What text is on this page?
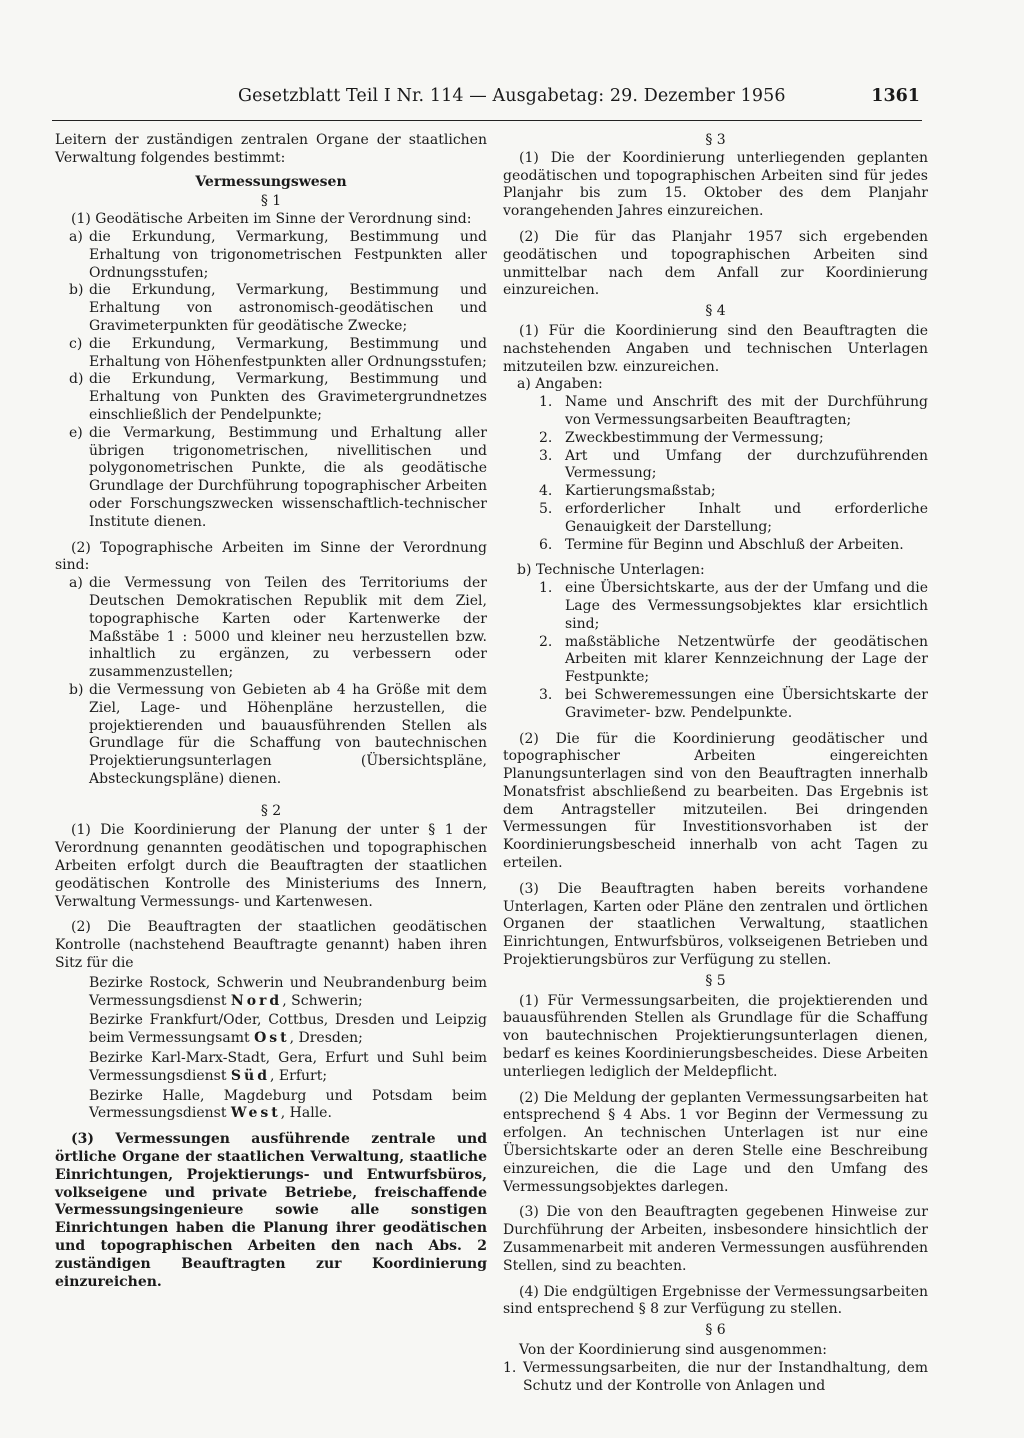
Gesetzblatt Teil I Nr. 114 — Ausgabetag: 29. Dezember 1956	1361

Leitern der zuständigen zentralen Organe der staatlichen Verwaltung folgendes bestimmt:

Vermessungswesen

§ 1

(1) Geodätische Arbeiten im Sinne der Verordnung sind:

a) die Erkundung, Vermarkung, Bestimmung und Erhaltung von trigonometrischen Festpunkten aller Ordnungsstufen;
b) die Erkundung, Vermarkung, Bestimmung und Erhaltung von astronomisch-geodätischen und Gravimeterpunkten für geodätische Zwecke;
c) die Erkundung, Vermarkung, Bestimmung und Erhaltung von Höhenfestpunkten aller Ordnungsstufen;
d) die Erkundung, Vermarkung, Bestimmung und Erhaltung von Punkten des Gravimetergrundnetzes einschließlich der Pendelpunkte;
e) die Vermarkung, Bestimmung und Erhaltung aller übrigen trigonometrischen, nivellitischen und polygonometrischen Punkte, die als geodätische Grundlage der Durchführung topographischer Arbeiten oder Forschungszwecken wissenschaftlich-technischer Institute dienen.

(2) Topographische Arbeiten im Sinne der Verordnung sind:

a) die Vermessung von Teilen des Territoriums der Deutschen Demokratischen Republik mit dem Ziel, topographische Karten oder Kartenwerke der Maßstäbe 1 : 5000 und kleiner neu herzustellen bzw. inhaltlich zu ergänzen, zu verbessern oder zusammenzustellen;
b) die Vermessung von Gebieten ab 4 ha Größe mit dem Ziel, Lage- und Höhenpläne herzustellen, die projektierenden und bauausführenden Stellen als Grundlage für die Schaffung von bautechnischen Projektierungsunterlagen (Übersichtspläne, Absteckungspläne) dienen.

§ 2

(1) Die Koordinierung der Planung der unter § 1 der Verordnung genannten geodätischen und topographischen Arbeiten erfolgt durch die Beauftragten der staatlichen geodätischen Kontrolle des Ministeriums des Innern, Verwaltung Vermessungs- und Kartenwesen.

(2) Die Beauftragten der staatlichen geodätischen Kontrolle (nachstehend Beauftragte genannt) haben ihren Sitz für die

Bezirke Rostock, Schwerin und Neubrandenburg beim Vermessungsdienst Nord, Schwerin;

Bezirke Frankfurt/Oder, Cottbus, Dresden und Leipzig beim Vermessungsamt Ost, Dresden;

Bezirke Karl-Marx-Stadt, Gera, Erfurt und Suhl beim Vermessungsdienst Süd, Erfurt;

Bezirke Halle, Magdeburg und Potsdam beim Vermessungsdienst West, Halle.

(3) Vermessungen ausführende zentrale und örtliche Organe der staatlichen Verwaltung, staatliche Einrichtungen, Projektierungs- und Entwurfsbüros, volkseigene und private Betriebe, freischaffende Vermessungsingenieure sowie alle sonstigen Einrichtungen haben die Planung ihrer geodätischen und topographischen Arbeiten den nach Abs. 2 zuständigen Beauftragten zur Koordinierung einzureichen.

§ 3

(1) Die der Koordinierung unterliegenden geplanten geodätischen und topographischen Arbeiten sind für jedes Planjahr bis zum 15. Oktober des dem Planjahr vorangehenden Jahres einzureichen.

(2) Die für das Planjahr 1957 sich ergebenden geodätischen und topographischen Arbeiten sind unmittelbar nach dem Anfall zur Koordinierung einzureichen.

§ 4

(1) Für die Koordinierung sind den Beauftragten die nachstehenden Angaben und technischen Unterlagen mitzuteilen bzw. einzureichen.

a) Angaben:

1. Name und Anschrift des mit der Durchführung von Vermessungsarbeiten Beauftragten;
2. Zweckbestimmung der Vermessung;
3. Art und Umfang der durchzuführenden Vermessung;
4. Kartierungsmaßstab;
5. erforderlicher Inhalt und erforderliche Genauigkeit der Darstellung;
6. Termine für Beginn und Abschluß der Arbeiten.

b) Technische Unterlagen:

1. eine Übersichtskarte, aus der der Umfang und die Lage des Vermessungsobjektes klar ersichtlich sind;
2. maßstäbliche Netzentwürfe der geodätischen Arbeiten mit klarer Kennzeichnung der Lage der Festpunkte;
3. bei Schweremessungen eine Übersichtskarte der Gravimeter- bzw. Pendelpunkte.

(2) Die für die Koordinierung geodätischer und topographischer Arbeiten eingereichten Planungsunterlagen sind von den Beauftragten innerhalb Monatsfrist abschließend zu bearbeiten. Das Ergebnis ist dem Antragsteller mitzuteilen. Bei dringenden Vermessungen für Investitionsvorhaben ist der Koordinierungsbescheid innerhalb von acht Tagen zu erteilen.

(3) Die Beauftragten haben bereits vorhandene Unterlagen, Karten oder Pläne den zentralen und örtlichen Organen der staatlichen Verwaltung, staatlichen Einrichtungen, Entwurfsbüros, volkseigenen Betrieben und Projektierungsbüros zur Verfügung zu stellen.

§ 5

(1) Für Vermessungsarbeiten, die projektierenden und bauausführenden Stellen als Grundlage für die Schaffung von bautechnischen Projektierungsunterlagen dienen, bedarf es keines Koordinierungsbescheides. Diese Arbeiten unterliegen lediglich der Meldepflicht.

(2) Die Meldung der geplanten Vermessungsarbeiten hat entsprechend § 4 Abs. 1 vor Beginn der Vermessung zu erfolgen. An technischen Unterlagen ist nur eine Übersichtskarte oder an deren Stelle eine Beschreibung einzureichen, die die Lage und den Umfang des Vermessungsobjektes darlegen.

(3) Die von den Beauftragten gegebenen Hinweise zur Durchführung der Arbeiten, insbesondere hinsichtlich der Zusammenarbeit mit anderen Vermessungen ausführenden Stellen, sind zu beachten.

(4) Die endgültigen Ergebnisse der Vermessungsarbeiten sind entsprechend § 8 zur Verfügung zu stellen.

§ 6

Von der Koordinierung sind ausgenommen:

1. Vermessungsarbeiten, die nur der Instandhaltung, dem Schutz und der Kontrolle von Anlagen und
